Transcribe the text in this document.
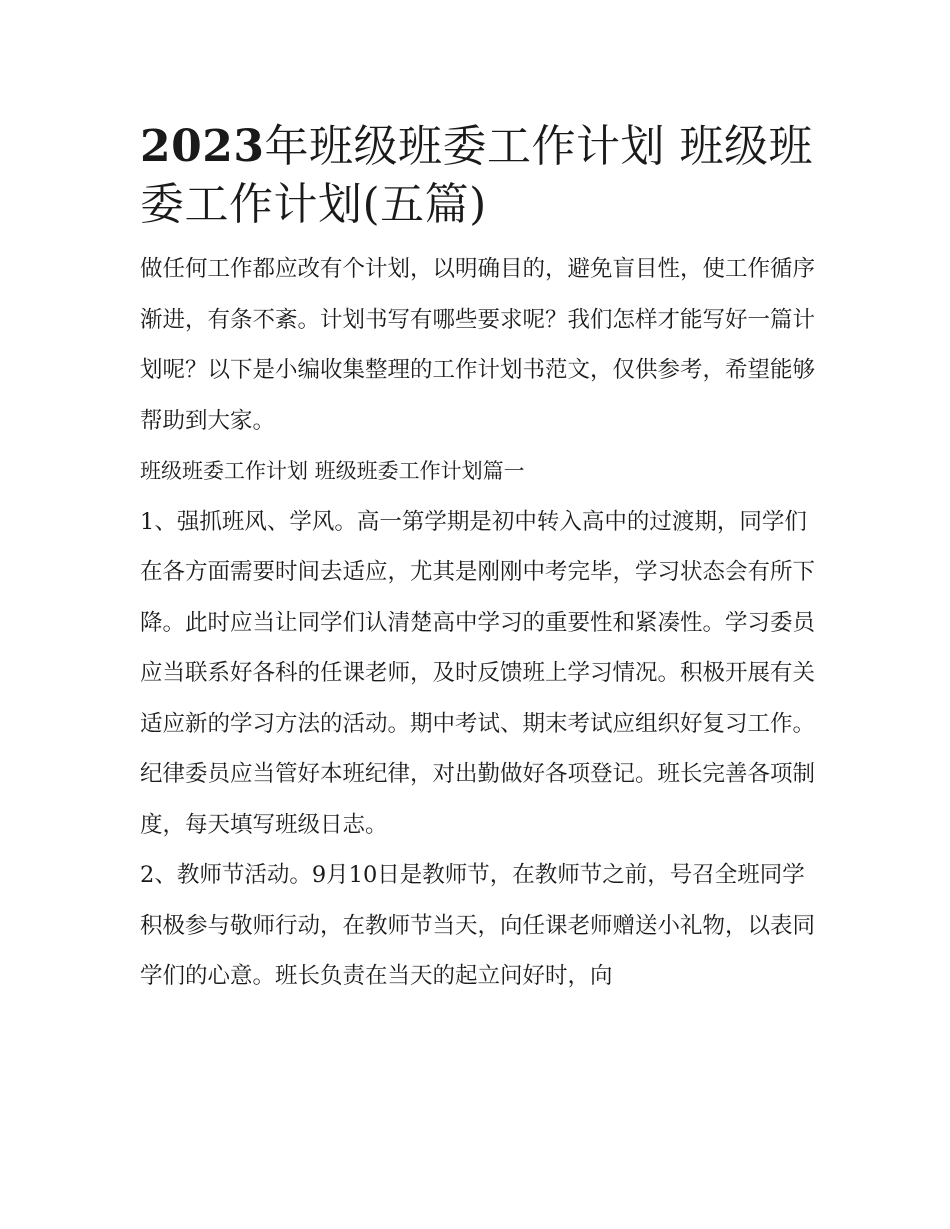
2023年班级班委工作计划 班级班委工作计划(五篇)

做任何工作都应改有个计划，以明确目的，避免盲目性，使工作循序渐进，有条不紊。计划书写有哪些要求呢？我们怎样才能写好一篇计划呢？以下是小编收集整理的工作计划书范文，仅供参考，希望能够帮助到大家。

班级班委工作计划 班级班委工作计划篇一

1、强抓班风、学风。高一第学期是初中转入高中的过渡期，同学们在各方面需要时间去适应，尤其是刚刚中考完毕，学习状态会有所下降。此时应当让同学们认清楚高中学习的重要性和紧凑性。学习委员应当联系好各科的任课老师，及时反馈班上学习情况。积极开展有关适应新的学习方法的活动。期中考试、期末考试应组织好复习工作。纪律委员应当管好本班纪律，对出勤做好各项登记。班长完善各项制度，每天填写班级日志。

2、教师节活动。9月10日是教师节，在教师节之前，号召全班同学积极参与敬师行动，在教师节当天，向任课老师赠送小礼物，以表同学们的心意。班长负责在当天的起立问好时，向
